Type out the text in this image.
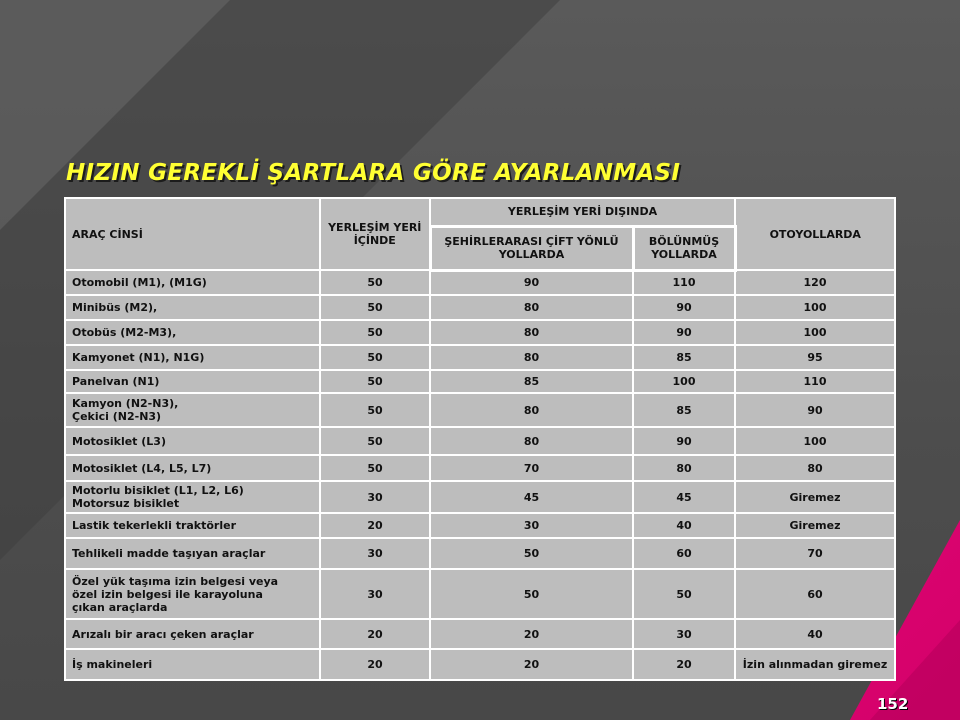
HIZIN GEREKLİ ŞARTLARA GÖRE AYARLANMASI
ARAÇ CİNSİ	YERLEŞİM YERİ İÇİNDE	YERLEŞİM YERİ DIŞINDA		OTOYOLLARDA
		ŞEHİRLERARASI ÇİFT YÖNLÜ YOLLARDA	BÖLÜNMÜŞ YOLLARDA	
Otomobil (M1), (M1G)	50	90	110	120
Minibüs (M2),	50	80	90	100
Otobüs (M2-M3),	50	80	90	100
Kamyonet (N1), N1G)	50	80	85	95
Panelvan (N1)	50	85	100	110
Kamyon (N2-N3),
Çekici (N2-N3)	50	80	85	90
Motosiklet (L3)	50	80	90	100
Motosiklet (L4, L5, L7)	50	70	80	80
Motorlu bisiklet (L1, L2, L6)
Motorsuz bisiklet	30	45	45	Giremez
Lastik tekerlekli traktörler	20	30	40	Giremez
Tehlikeli madde taşıyan araçlar	30	50	60	70
Özel yük taşıma izin belgesi veya
özel izin belgesi ile karayoluna
çıkan araçlarda	30	50	50	60
Arızalı bir aracı çeken araçlar	20	20	30	40
İş makineleri	20	20	20	İzin alınmadan giremez
152
